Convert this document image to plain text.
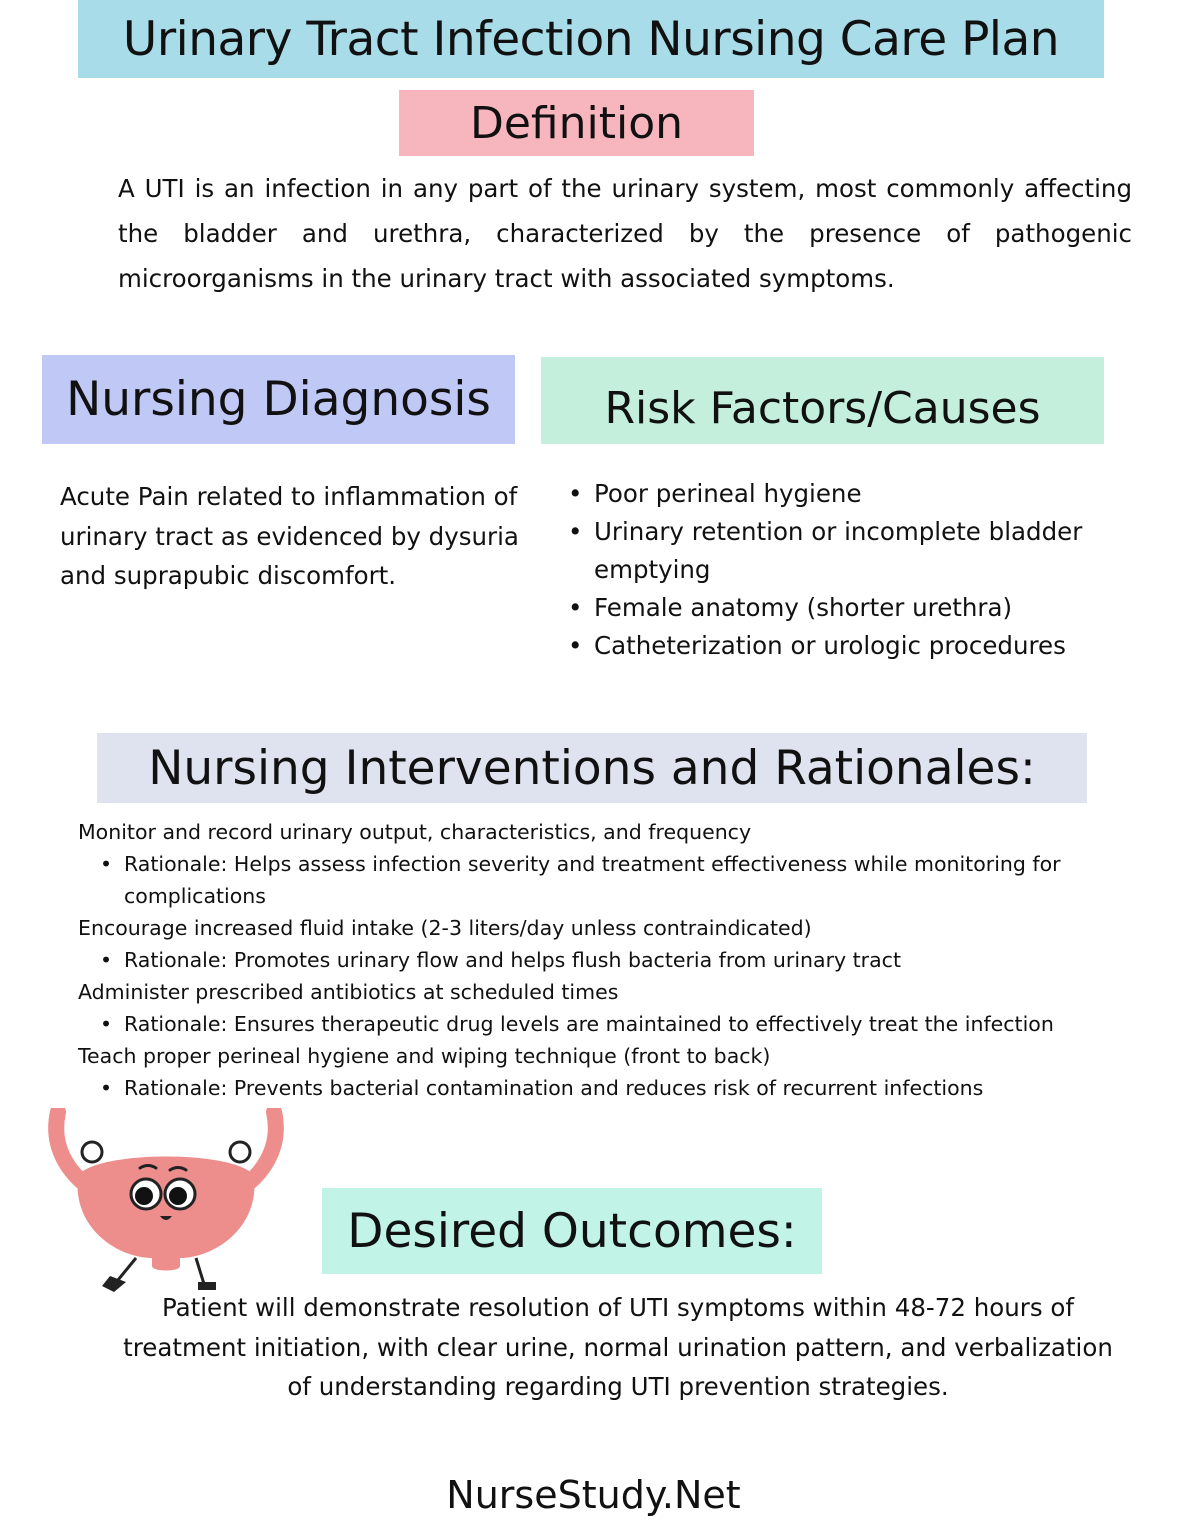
Urinary Tract Infection Nursing Care Plan
Definition

A UTI is an infection in any part of the urinary system, most commonly affecting the bladder and urethra, characterized by the presence of pathogenic microorganisms in the urinary tract with associated symptoms.

Nursing Diagnosis

Acute Pain related to inflammation of urinary tract as evidenced by dysuria and suprapubic discomfort.

Risk Factors/Causes
• Poor perineal hygiene
• Urinary retention or incomplete bladder emptying
• Female anatomy (shorter urethra)
• Catheterization or urologic procedures
Nursing Interventions and Rationales:

Monitor and record urinary output, characteristics, and frequency

• Rationale: Helps assess infection severity and treatment effectiveness while monitoring for complications

Encourage increased fluid intake (2-3 liters/day unless contraindicated)

• Rationale: Promotes urinary flow and helps flush bacteria from urinary tract

Administer prescribed antibiotics at scheduled times

• Rationale: Ensures therapeutic drug levels are maintained to effectively treat the infection

Teach proper perineal hygiene and wiping technique (front to back)

• Rationale: Prevents bacterial contamination and reduces risk of recurrent infections

Desired Outcomes:

Patient will demonstrate resolution of UTI symptoms within 48-72 hours of treatment initiation, with clear urine, normal urination pattern, and verbalization of understanding regarding UTI prevention strategies.

NurseStudy.Net
